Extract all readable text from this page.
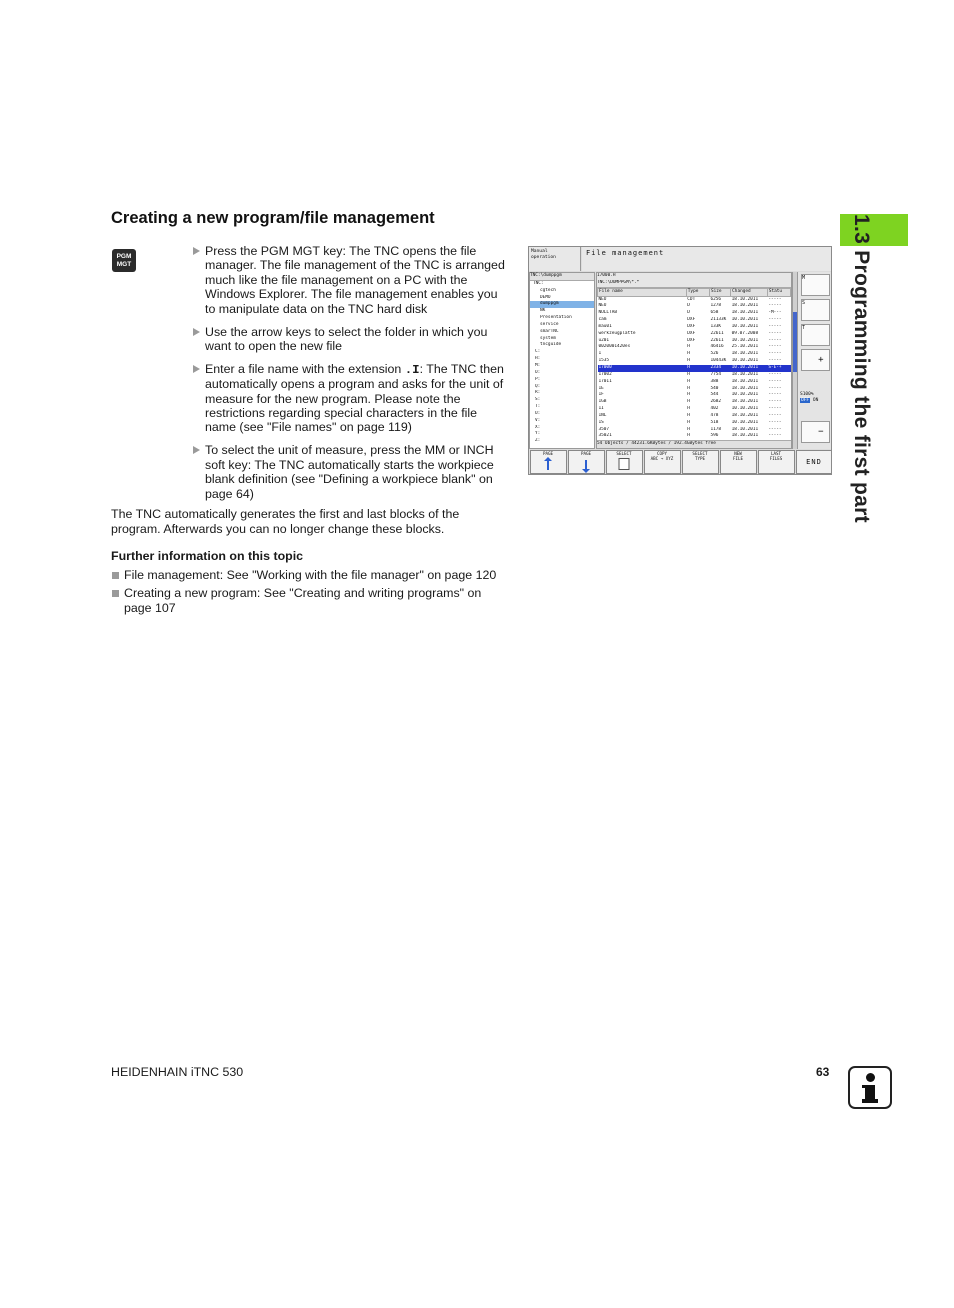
1.3 Programming the first part
Creating a new program/file management
PGM
MGT
Press the PGM MGT key: The TNC opens the file manager. The file management of the TNC is arranged much like the file management on a PC with the Windows Explorer. The file management enables you to manipulate data on the TNC hard disk
Use the arrow keys to select the folder in which you want to open the new file
Enter a file name with the extension .I: The TNC then automatically opens a program and asks for the unit of measure for the new program. Please note the restrictions regarding special characters in the file name (see "File names" on page 119)
To select the unit of measure, press the MM or INCH soft key: The TNC automatically starts the workpiece blank definition (see "Defining a workpiece blank" on page 64)

The TNC automatically generates the first and last blocks of the program. Afterwards you can no longer change these blocks.

Further information on this topic

File management: See "Working with the file manager" on page 120
Creating a new program: See "Creating and writing programs" on page 107
Manual
operation
File management
TNC:\dumppgm
TNC:
cgtech
DEMO
dumppgm
NK
Presentation
service
smarTNC
system
tncguide
C:
H:
M:
O:
P:
Q:
R:
S:
T:
U:
V:
X:
Y:
Z:
17000.H
TNC:\DUMPPGM\*.*
File name	Type	Size	Changed	Statu
NEU	CDT	6256	18.10.2011	-----
NEU	D	1278	18.10.2011	-----
NULLTAB	D	658	18.10.2011	-M---
cam	DXF	21133K	10.10.2011	-----
mau01	DXF	133K	10.10.2011	-----
werkzeugplatte	DXF	22611	09.07.2008	-----
u201	DXF	22611	10.10.2011	-----
0020001420es	H	46416	25.10.2011	-----
1	H	526	18.10.2011	-----
1535	H	10443K	10.10.2011	-----
17000	H	2334	10.10.2011	S-E-+
17002	H	7754	18.10.2011	-----
17011	H	388	18.10.2011	-----
1E	H	540	18.10.2011	-----
1F	H	544	10.10.2011	-----
1GB	H	2682	18.10.2011	-----
1I	H	402	10.10.2011	-----
1NL	H	478	18.10.2011	-----
1S	H	518	10.10.2011	-----
3507	H	1178	18.10.2011	-----
35021	H	596	18.10.2011	-----
54 Objects / 44231.6KBytes / 192.4GBytes free
M
S
T
+
S100%
OFF ON
−
PAGE	PAGE	SELECT	COPY
ABC → XYZ
SELECT
TYPE
NEW
FILE
LAST
FILES	END
HEIDENHAIN iTNC 530	63
